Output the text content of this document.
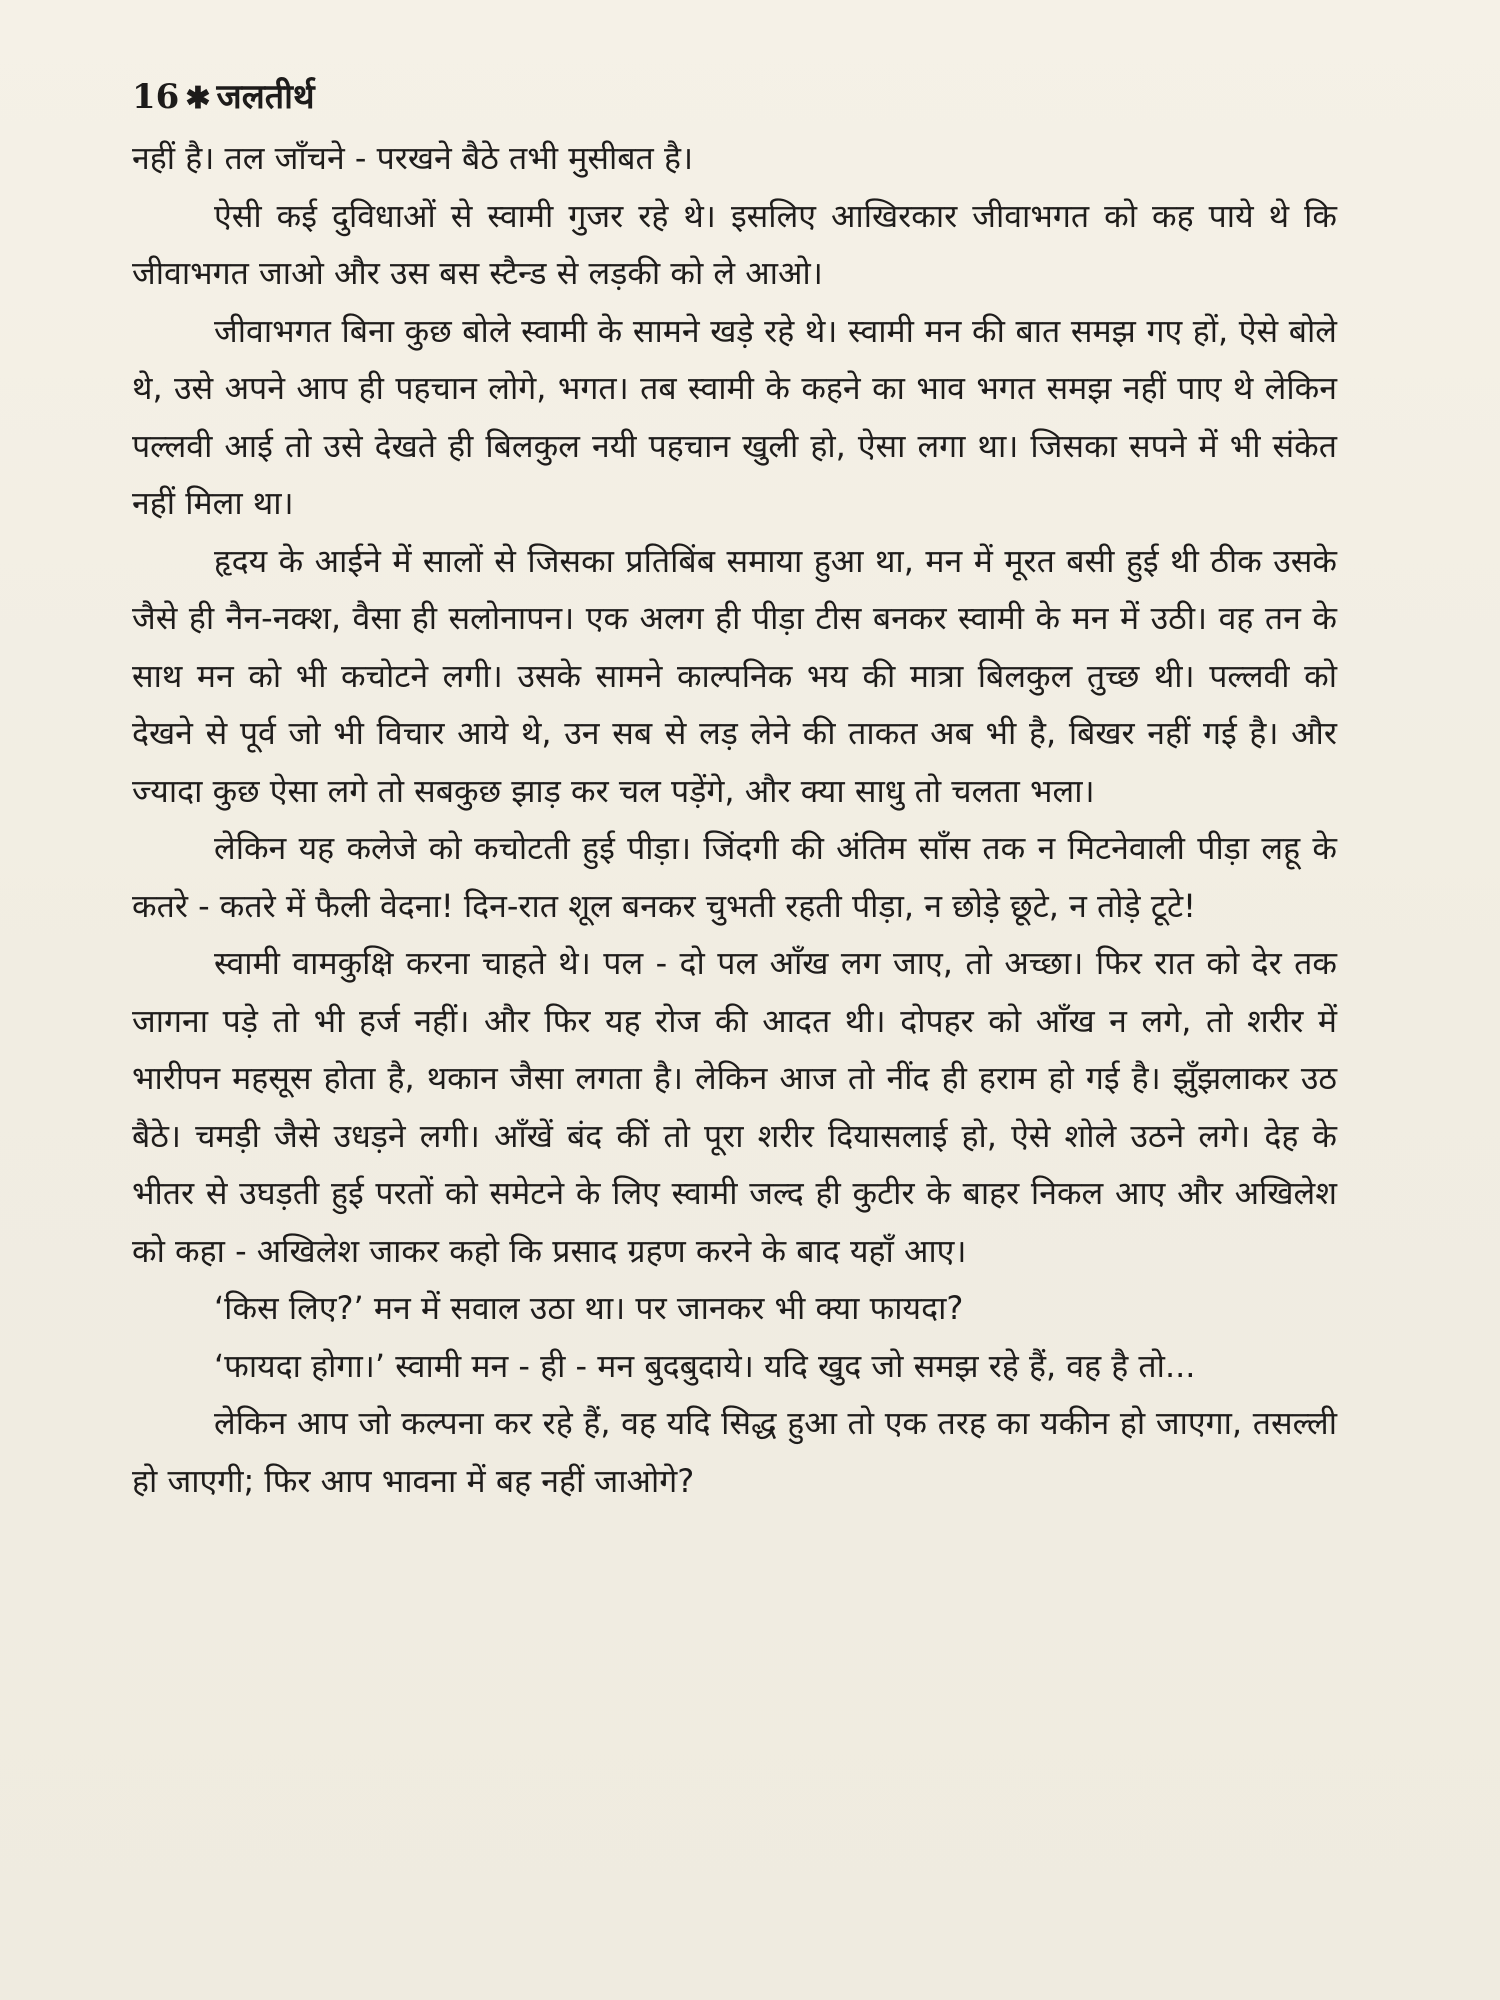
16 ✱ जलतीर्थ

नहीं है। तल जाँचने - परखने बैठे तभी मुसीबत है।

ऐसी कई दुविधाओं से स्वामी गुजर रहे थे। इसलिए आखिरकार जीवाभगत को कह पाये थे कि जीवाभगत जाओ और उस बस स्टैन्ड से लड़की को ले आओ।

जीवाभगत बिना कुछ बोले स्वामी के सामने खड़े रहे थे। स्वामी मन की बात समझ गए हों, ऐसे बोले थे, उसे अपने आप ही पहचान लोगे, भगत। तब स्वामी के कहने का भाव भगत समझ नहीं पाए थे लेकिन पल्लवी आई तो उसे देखते ही बिलकुल नयी पहचान खुली हो, ऐसा लगा था। जिसका सपने में भी संकेत नहीं मिला था।

हृदय के आईने में सालों से जिसका प्रतिबिंब समाया हुआ था, मन में मूरत बसी हुई थी ठीक उसके जैसे ही नैन-नक्श, वैसा ही सलोनापन। एक अलग ही पीड़ा टीस बनकर स्वामी के मन में उठी। वह तन के साथ मन को भी कचोटने लगी। उसके सामने काल्पनिक भय की मात्रा बिलकुल तुच्छ थी। पल्लवी को देखने से पूर्व जो भी विचार आये थे, उन सब से लड़ लेने की ताकत अब भी है, बिखर नहीं गई है। और ज्यादा कुछ ऐसा लगे तो सबकुछ झाड़ कर चल पड़ेंगे, और क्या साधु तो चलता भला।

लेकिन यह कलेजे को कचोटती हुई पीड़ा। जिंदगी की अंतिम साँस तक न मिटनेवाली पीड़ा लहू के कतरे - कतरे में फैली वेदना! दिन-रात शूल बनकर चुभती रहती पीड़ा, न छोड़े छूटे, न तोड़े टूटे!

स्वामी वामकुक्षि करना चाहते थे। पल - दो पल आँख लग जाए, तो अच्छा। फिर रात को देर तक जागना पड़े तो भी हर्ज नहीं। और फिर यह रोज की आदत थी। दोपहर को आँख न लगे, तो शरीर में भारीपन महसूस होता है, थकान जैसा लगता है। लेकिन आज तो नींद ही हराम हो गई है। झुँझलाकर उठ बैठे। चमड़ी जैसे उधड़ने लगी। आँखें बंद कीं तो पूरा शरीर दियासलाई हो, ऐसे शोले उठने लगे। देह के भीतर से उघड़ती हुई परतों को समेटने के लिए स्वामी जल्द ही कुटीर के बाहर निकल आए और अखिलेश को कहा - अखिलेश जाकर कहो कि प्रसाद ग्रहण करने के बाद यहाँ आए।

‘किस लिए?’ मन में सवाल उठा था। पर जानकर भी क्या फायदा?

‘फायदा होगा।’ स्वामी मन - ही - मन बुदबुदाये। यदि खुद जो समझ रहे हैं, वह है तो...

लेकिन आप जो कल्पना कर रहे हैं, वह यदि सिद्ध हुआ तो एक तरह का यकीन हो जाएगा, तसल्ली हो जाएगी; फिर आप भावना में बह नहीं जाओगे?
